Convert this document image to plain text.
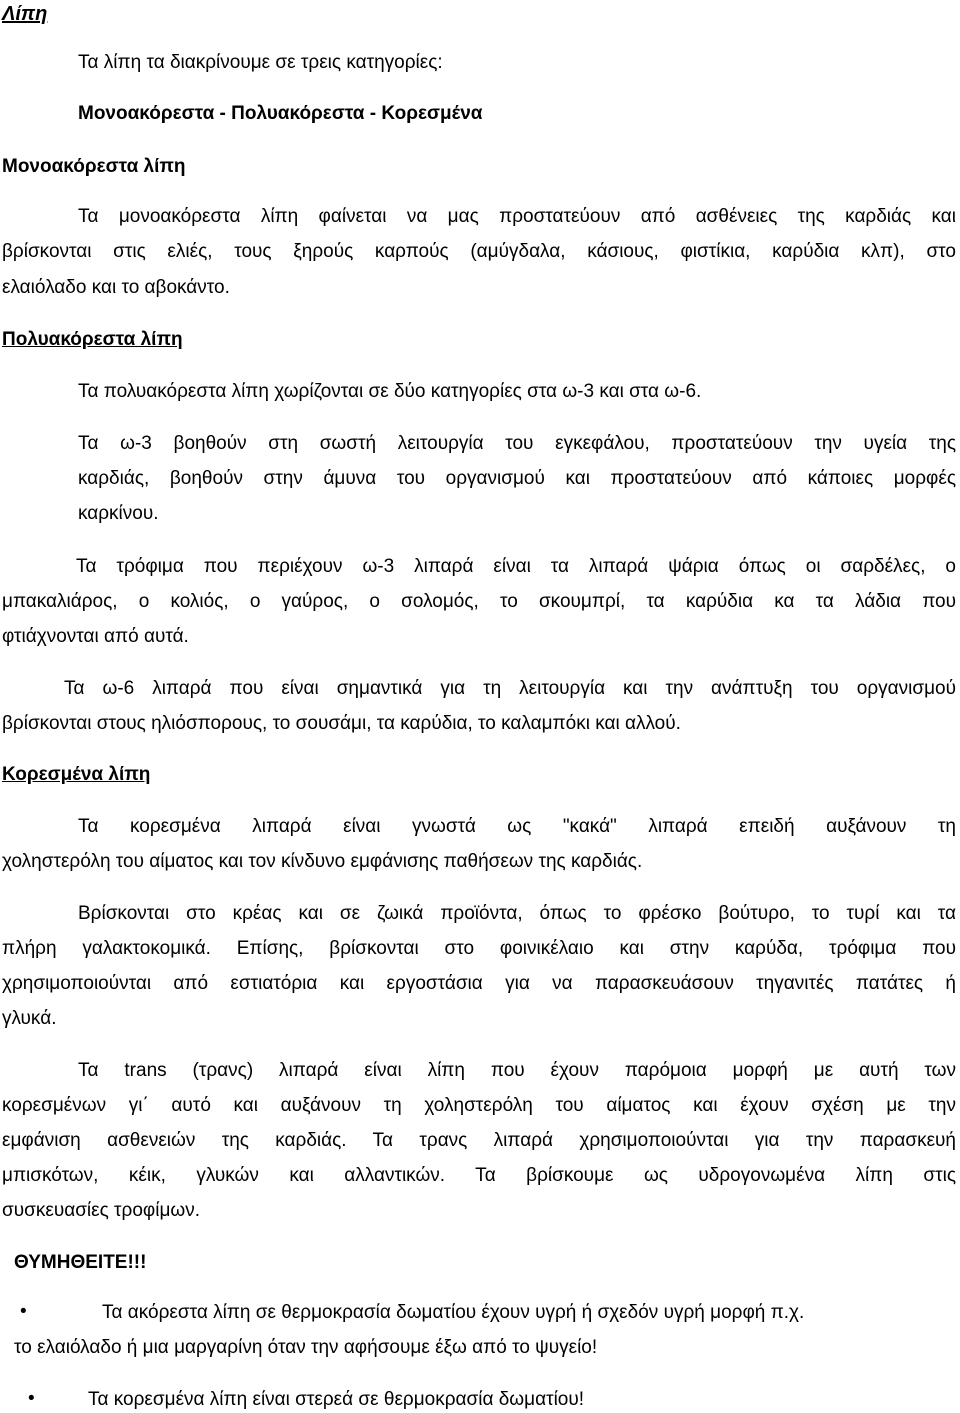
Λίπη
Τα λίπη τα διακρίνουμε σε τρεις κατηγορίες:
Μονοακόρεστα - Πολυακόρεστα - Κορεσμένα
Μονοακόρεστα λίπη
Τα μονοακόρεστα λίπη φαίνεται να μας προστατεύουν από ασθένειες της καρδιάς και
βρίσκονται στις ελιές, τους ξηρούς καρπούς (αμύγδαλα, κάσιους, φιστίκια, καρύδια κλπ), στο
ελαιόλαδο και το αβοκάντο.
Πολυακόρεστα λίπη
Τα πολυακόρεστα λίπη χωρίζονται σε δύο κατηγορίες στα ω-3 και στα ω-6.
Τα ω-3 βοηθούν στη σωστή λειτουργία του εγκεφάλου, προστατεύουν την υγεία της
καρδιάς, βοηθούν στην άμυνα του οργανισμού και προστατεύουν από κάποιες μορφές
καρκίνου.
Τα τρόφιμα που περιέχουν ω-3 λιπαρά είναι τα λιπαρά ψάρια όπως οι σαρδέλες, ο
μπακαλιάρος, ο κολιός, ο γαύρος, ο σολομός, το σκουμπρί, τα καρύδια κα τα λάδια που
φτιάχνονται από αυτά.
Τα ω-6 λιπαρά που είναι σημαντικά για τη λειτουργία και την ανάπτυξη του οργανισμού
βρίσκονται στους ηλιόσπορους, το σουσάμι, τα καρύδια, το καλαμπόκι και αλλού.
Κορεσμένα λίπη
Τα κορεσμένα λιπαρά είναι γνωστά ως "κακά" λιπαρά επειδή αυξάνουν τη
χοληστερόλη του αίματος και τον κίνδυνο εμφάνισης παθήσεων της καρδιάς.
Βρίσκονται στο κρέας και σε ζωικά προϊόντα, όπως το φρέσκο βούτυρο, το τυρί και τα
πλήρη γαλακτοκομικά. Επίσης, βρίσκονται στο φοινικέλαιο και στην καρύδα, τρόφιμα που
χρησιμοποιούνται από εστιατόρια και εργοστάσια για να παρασκευάσουν τηγανιτές πατάτες ή
γλυκά.
Τα trans (τρανς) λιπαρά είναι λίπη που έχουν παρόμοια μορφή με αυτή των
κορεσμένων γι΄ αυτό και αυξάνουν τη χοληστερόλη του αίματος και έχουν σχέση με την
εμφάνιση ασθενειών της καρδιάς. Τα τρανς λιπαρά χρησιμοποιούνται για την παρασκευή
μπισκότων, κέικ, γλυκών και αλλαντικών. Τα βρίσκουμε ως υδρογονωμένα λίπη στις
συσκευασίες τροφίμων.
ΘΥΜΗΘΕΙΤΕ!!!
•	Τα ακόρεστα λίπη σε θερμοκρασία δωματίου έχουν υγρή ή σχεδόν υγρή μορφή π.χ.
το ελαιόλαδο ή μια μαργαρίνη όταν την αφήσουμε έξω από το ψυγείο!
•	Τα κορεσμένα λίπη είναι στερεά σε θερμοκρασία δωματίου!
